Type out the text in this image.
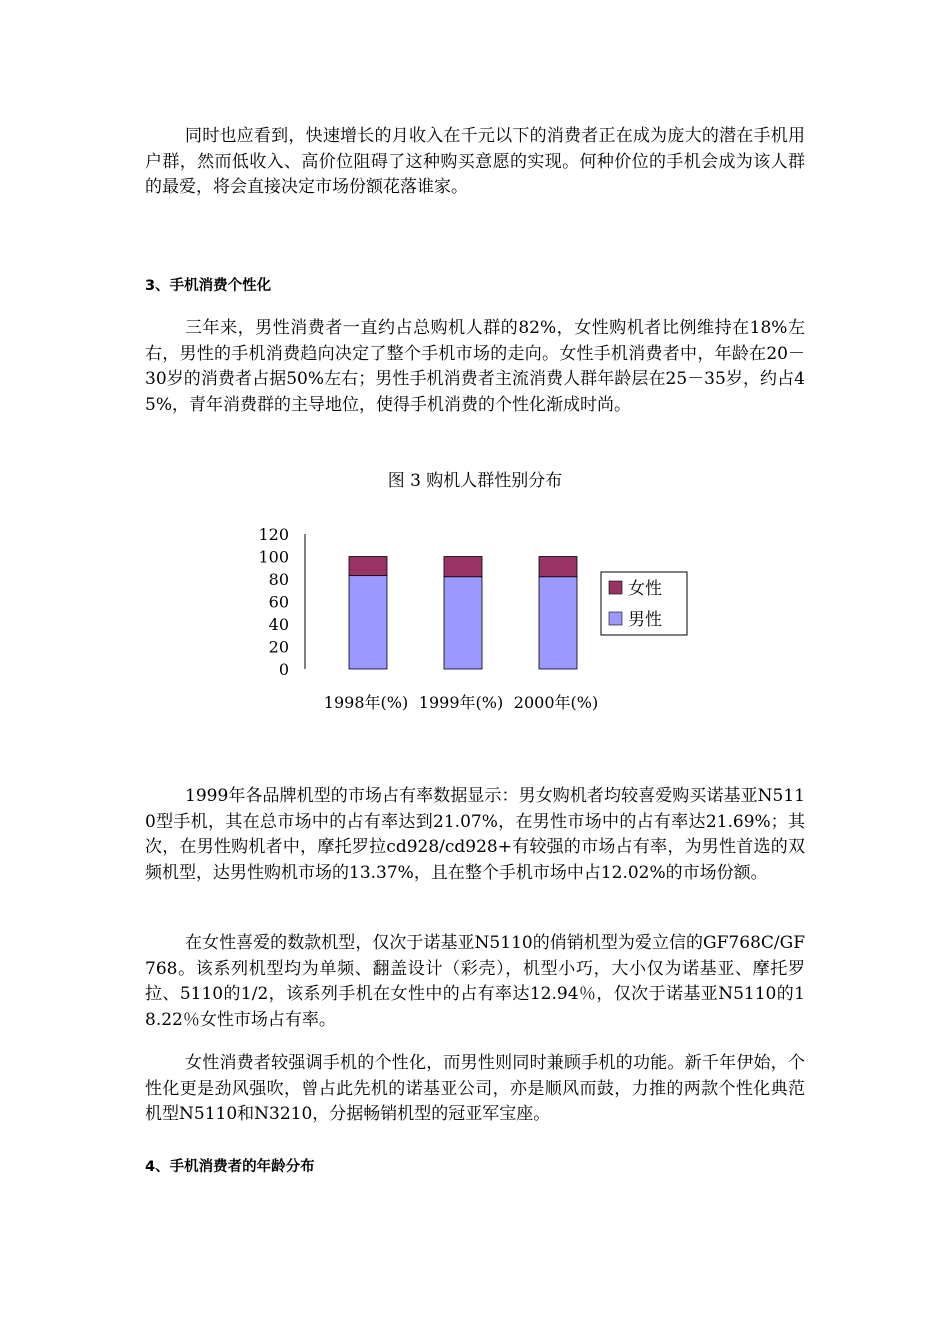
同时也应看到，快速增长的月收入在千元以下的消费者正在成为庞大的潜在手机用户群，然而低收入、高价位阻碍了这种购买意愿的实现。何种价位的手机会成为该人群的最爱，将会直接决定市场份额花落谁家。

3、手机消费个性化

三年来，男性消费者一直约占总购机人群的82%，女性购机者比例维持在18%左右，男性的手机消费趋向决定了整个手机市场的走向。女性手机消费者中，年龄在20－30岁的消费者占据50%左右；男性手机消费者主流消费人群年龄层在25－35岁，约占45%，青年消费群的主导地位，使得手机消费的个性化渐成时尚。

图 3 购机人群性别分布

0
20
40
60
80
100
120
1998年(%) 1999年(%) 2000年(%)
女性
男性

1999年各品牌机型的市场占有率数据显示：男女购机者均较喜爱购买诺基亚N5110型手机，其在总市场中的占有率达到21.07%，在男性市场中的占有率达21.69%；其次，在男性购机者中，摩托罗拉cd928/cd928+有较强的市场占有率，为男性首选的双频机型，达男性购机市场的13.37%，且在整个手机市场中占12.02%的市场份额。

在女性喜爱的数款机型，仅次于诺基亚N5110的俏销机型为爱立信的GF768C/GF768。该系列机型均为单频、翻盖设计（彩壳），机型小巧，大小仅为诺基亚、摩托罗拉、5110的1/2，该系列手机在女性中的占有率达12.94％，仅次于诺基亚N5110的18.22％女性市场占有率。

女性消费者较强调手机的个性化，而男性则同时兼顾手机的功能。新千年伊始，个性化更是劲风强吹，曾占此先机的诺基亚公司，亦是顺风而鼓，力推的两款个性化典范机型N5110和N3210，分据畅销机型的冠亚军宝座。

4、手机消费者的年龄分布
